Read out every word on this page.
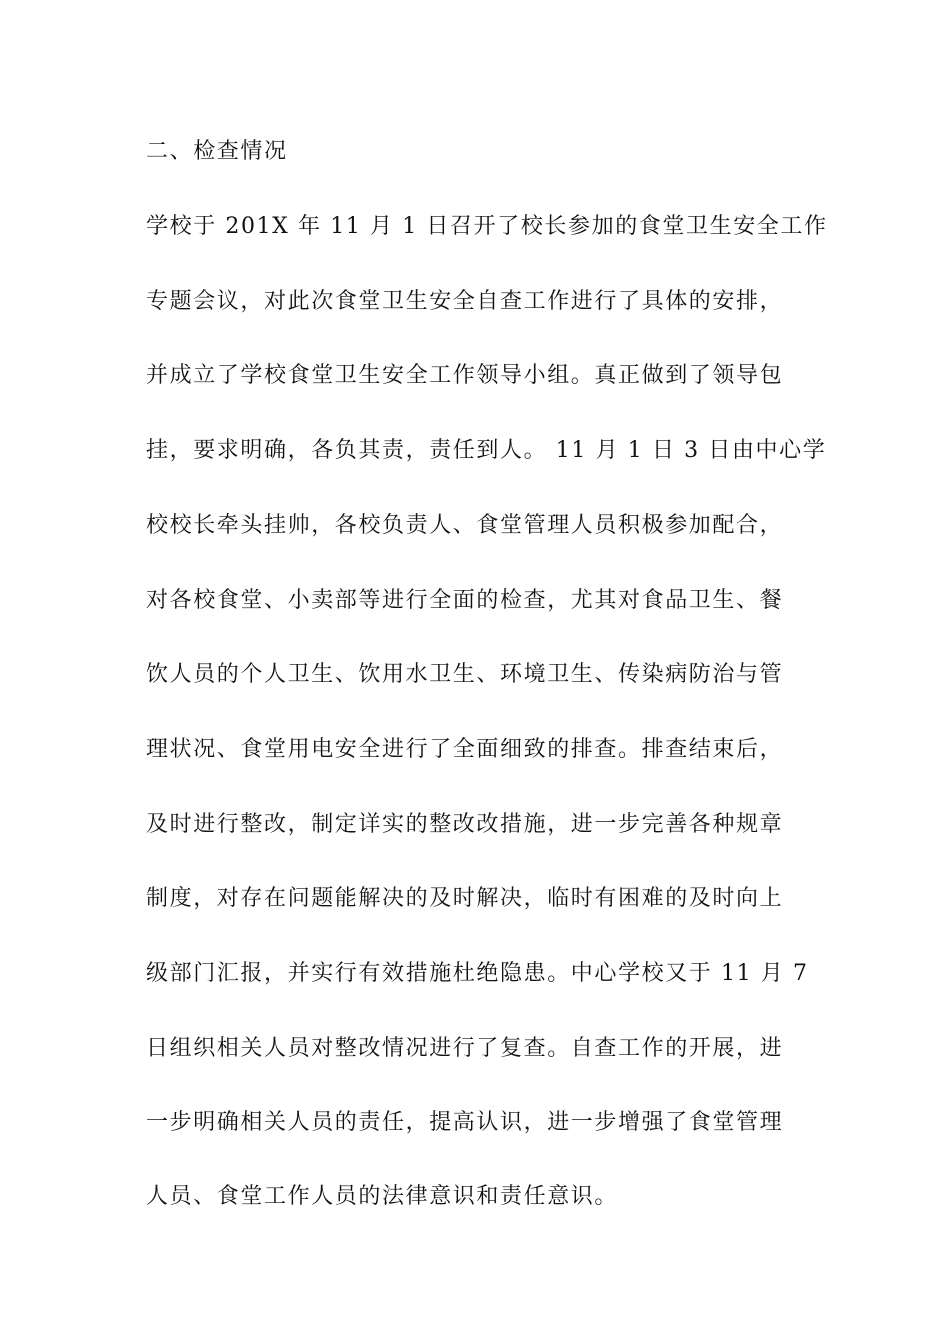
二、检查情况
学校于 201X 年 11 月 1 日召开了校长参加的食堂卫生安全工作
专题会议，对此次食堂卫生安全自查工作进行了具体的安排，
并成立了学校食堂卫生安全工作领导小组。真正做到了领导包
挂，要求明确，各负其责，责任到人。 11 月 1 日 3 日由中心学
校校长牵头挂帅，各校负责人、食堂管理人员积极参加配合，
对各校食堂、小卖部等进行全面的检查，尤其对食品卫生、餐
饮人员的个人卫生、饮用水卫生、环境卫生、传染病防治与管
理状况、食堂用电安全进行了全面细致的排查。排查结束后，
及时进行整改，制定详实的整改改措施，进一步完善各种规章
制度，对存在问题能解决的及时解决，临时有困难的及时向上
级部门汇报，并实行有效措施杜绝隐患。中心学校又于 11 月 7
日组织相关人员对整改情况进行了复查。自查工作的开展，进
一步明确相关人员的责任，提高认识，进一步增强了食堂管理
人员、食堂工作人员的法律意识和责任意识。
